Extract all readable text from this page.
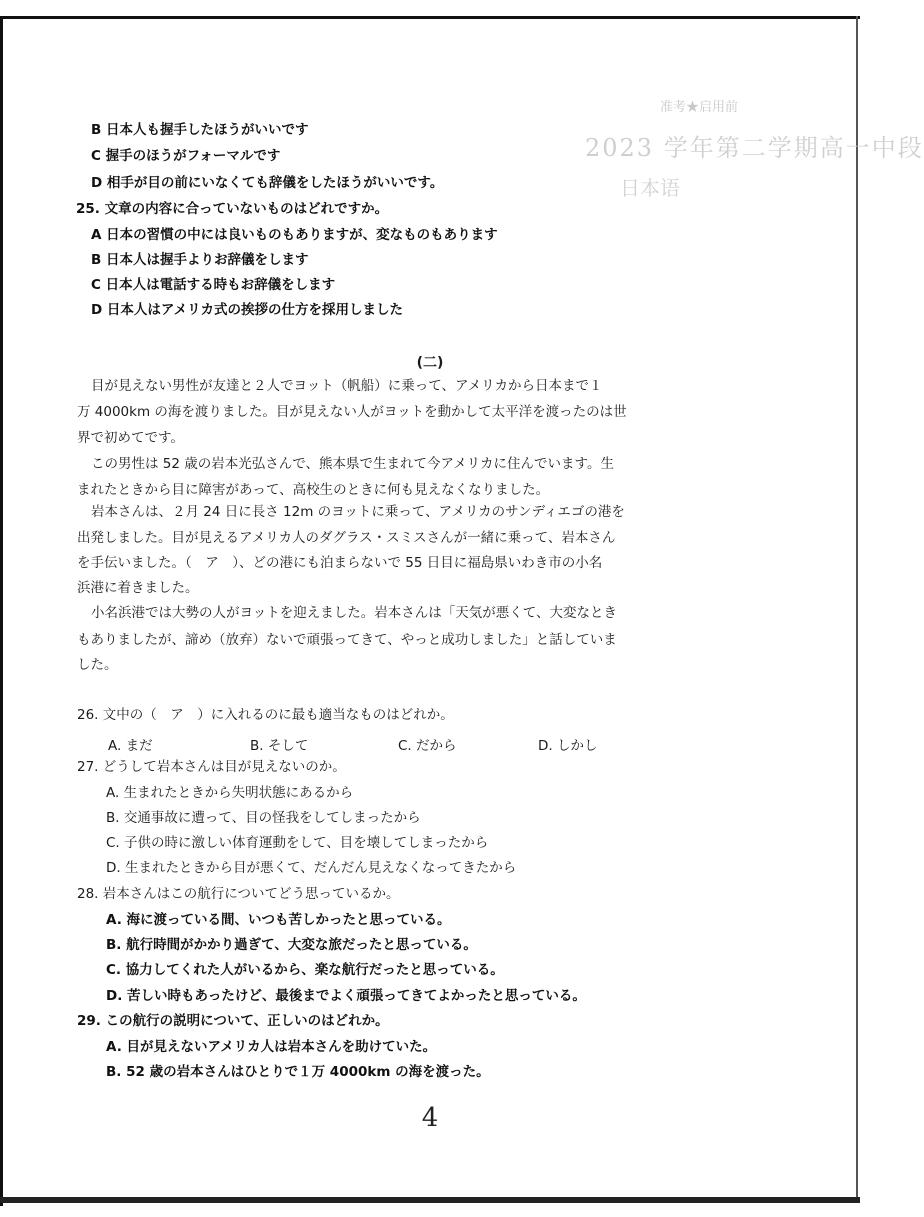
准考★启用前
2023 学年第二学期高一中段
日本语
B 日本人も握手したほうがいいです
C 握手のほうがフォーマルです
D 相手が目の前にいなくても辞儀をしたほうがいいです。
25. 文章の内容に合っていないものはどれですか。
A 日本の習慣の中には良いものもありますが、変なものもあります
B 日本人は握手よりお辞儀をします
C 日本人は電話する時もお辞儀をします
D 日本人はアメリカ式の挨拶の仕方を採用しました
(二)
目が見えない男性が友達と２人でヨット（帆船）に乗って、アメリカから日本まで１
万 4000km の海を渡りました。目が見えない人がヨットを動かして太平洋を渡ったのは世
界で初めてです。
この男性は 52 歳の岩本光弘さんで、熊本県で生まれて今アメリカに住んでいます。生
まれたときから目に障害があって、高校生のときに何も見えなくなりました。
岩本さんは、２月 24 日に長さ 12m のヨットに乗って、アメリカのサンディエゴの港を
出発しました。目が見えるアメリカ人のダグラス・スミスさんが一緒に乗って、岩本さん
を手伝いました。（　ア　）、どの港にも泊まらないで 55 日目に福島県いわき市の小名
浜港に着きました。
小名浜港では大勢の人がヨットを迎えました。岩本さんは「天気が悪くて、大変なとき
もありましたが、諦め（放弃）ないで頑張ってきて、やっと成功しました」と話していま
した。
26. 文中の（　ア　）に入れるのに最も適当なものはどれか。
A. まだ	B. そして	C. だから	D. しかし
27. どうして岩本さんは目が見えないのか。
A. 生まれたときから失明状態にあるから
B. 交通事故に遭って、目の怪我をしてしまったから
C. 子供の時に激しい体育運動をして、目を壊してしまったから
D. 生まれたときから目が悪くて、だんだん見えなくなってきたから
28. 岩本さんはこの航行についてどう思っているか。
A. 海に渡っている間、いつも苦しかったと思っている。
B. 航行時間がかかり過ぎて、大変な旅だったと思っている。
C. 協力してくれた人がいるから、楽な航行だったと思っている。
D. 苦しい時もあったけど、最後までよく頑張ってきてよかったと思っている。
29. この航行の説明について、正しいのはどれか。
A. 目が見えないアメリカ人は岩本さんを助けていた。
B. 52 歳の岩本さんはひとりで１万 4000km の海を渡った。
4
